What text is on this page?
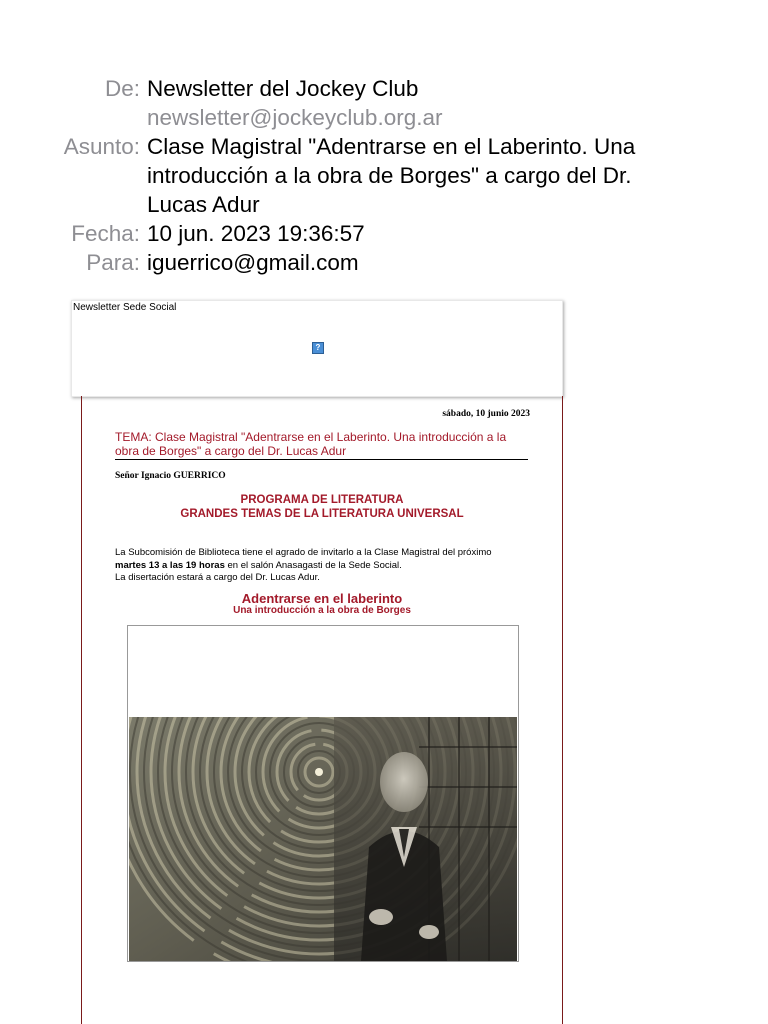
De: Newsletter del Jockey Club
newsletter@jockeyclub.org.ar
Asunto: Clase Magistral "Adentrarse en el Laberinto. Una introducción a la obra de Borges" a cargo del Dr. Lucas Adur
Fecha: 10 jun. 2023 19:36:57
Para: iguerrico@gmail.com
Newsletter Sede Social
?
sábado, 10 junio 2023
TEMA: Clase Magistral "Adentrarse en el Laberinto. Una introducción a la obra de Borges" a cargo del Dr. Lucas Adur
Señor Ignacio GUERRICO
PROGRAMA DE LITERATURA
GRANDES TEMAS DE LA LITERATURA UNIVERSAL
La Subcomisión de Biblioteca tiene el agrado de invitarlo a la Clase Magistral del próximo
martes 13 a las 19 horas en el salón Anasagasti de la Sede Social.
La disertación estará a cargo del Dr. Lucas Adur.
Adentrarse en el laberinto
Una introducción a la obra de Borges
